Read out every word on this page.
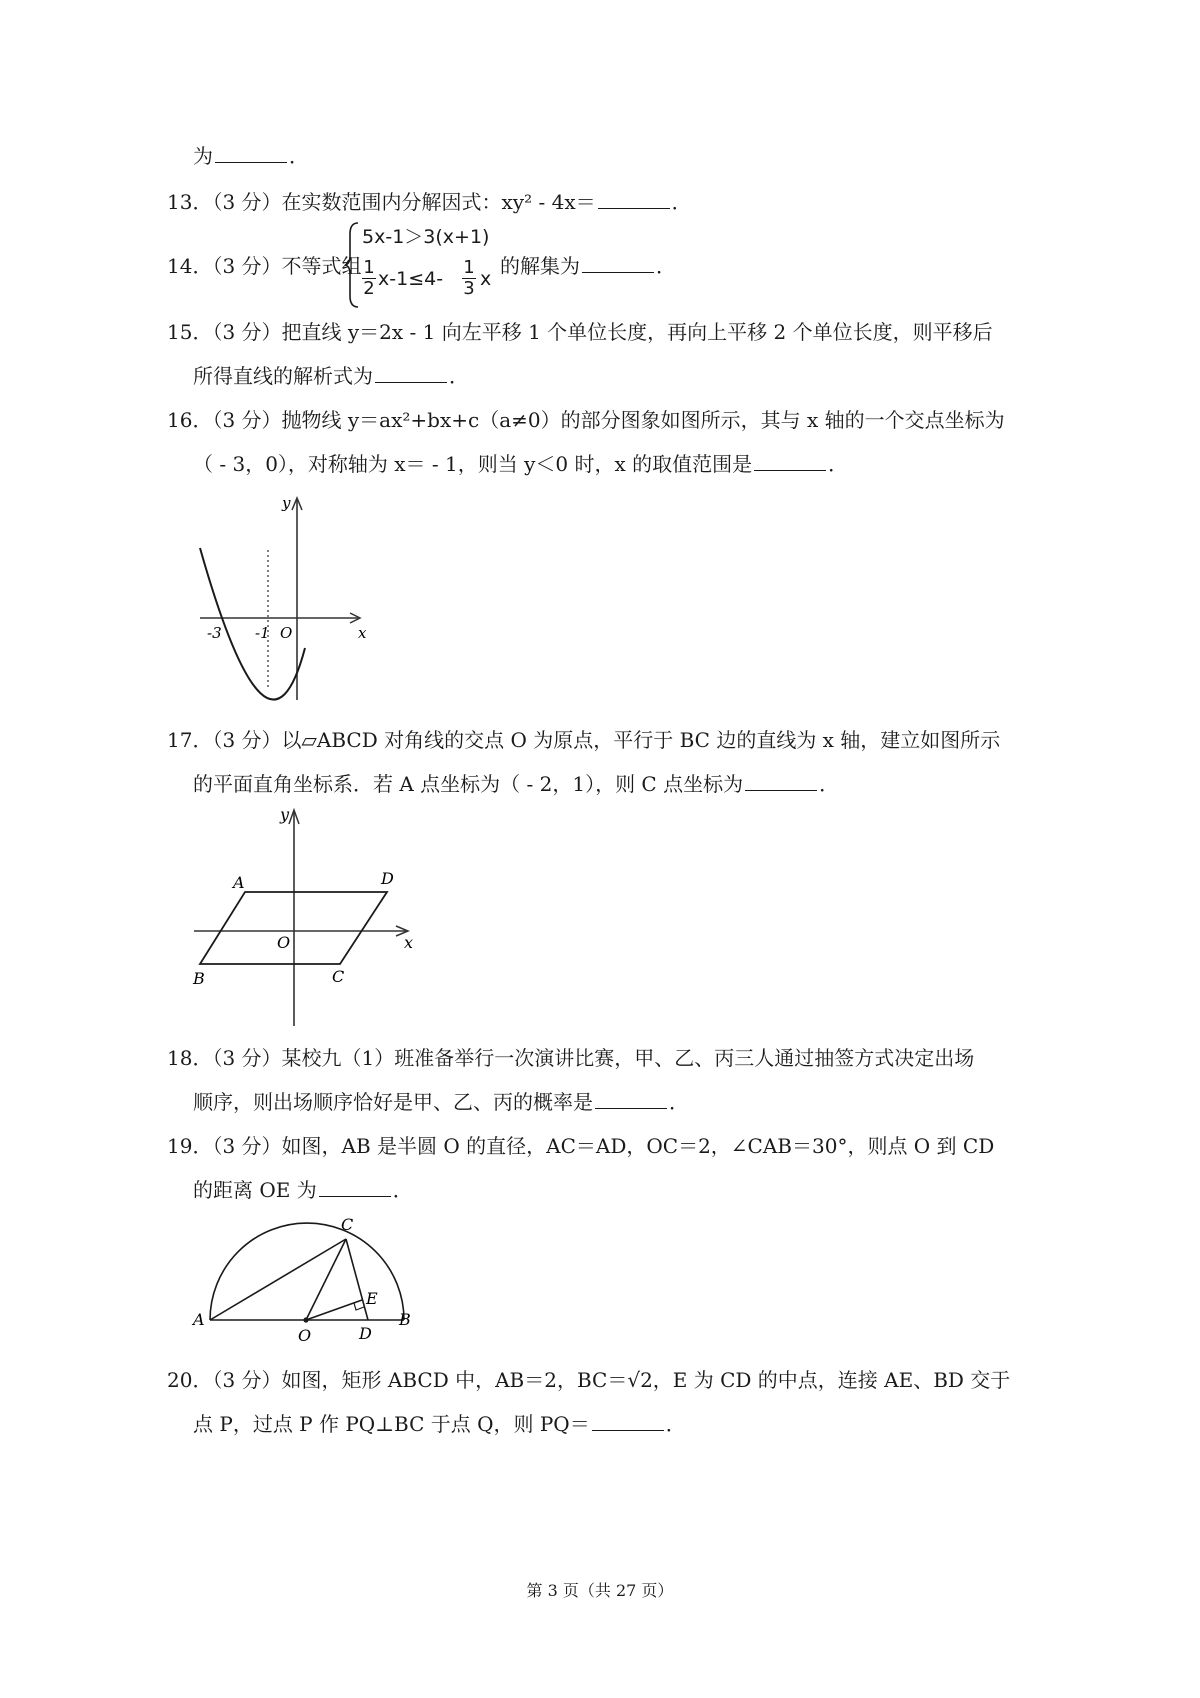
为	．
13．（3 分）在实数范围内分解因式：xy² - 4x＝	．
14．（3 分）不等式组
5x-1＞3(x+1)
1
2 x-1≤4-
1
3 x
的解集为	．
15．（3 分）把直线 y＝2x - 1 向左平移 1 个单位长度，再向上平移 2 个单位长度，则平移后
所得直线的解析式为	．
16．（3 分）抛物线 y＝ax²+bx+c（a≠0）的部分图象如图所示，其与 x 轴的一个交点坐标为
（ - 3，0），对称轴为 x＝ - 1，则当 y＜0 时，x 的取值范围是	．
-3 -1 O	x
y
17．（3 分）以▱ABCD 对角线的交点 O 为原点，平行于 BC 边的直线为 x 轴，建立如图所示
的平面直角坐标系．若 A 点坐标为（ - 2，1），则 C 点坐标为	．
A	D
B	C
O	x
y
18．（3 分）某校九（1）班准备举行一次演讲比赛，甲、乙、丙三人通过抽签方式决定出场
顺序，则出场顺序恰好是甲、乙、丙的概率是	．
19．（3 分）如图，AB 是半圆 O 的直径，AC＝AD，OC＝2，∠CAB＝30°，则点 O 到 CD
的距离 OE 为	．
A	B
C
D
E
O
20．（3 分）如图，矩形 ABCD 中，AB＝2，BC＝√2，E 为 CD 的中点，连接 AE、BD 交于
点 P，过点 P 作 PQ⊥BC 于点 Q，则 PQ＝	．
第 3 页（共 27 页）
